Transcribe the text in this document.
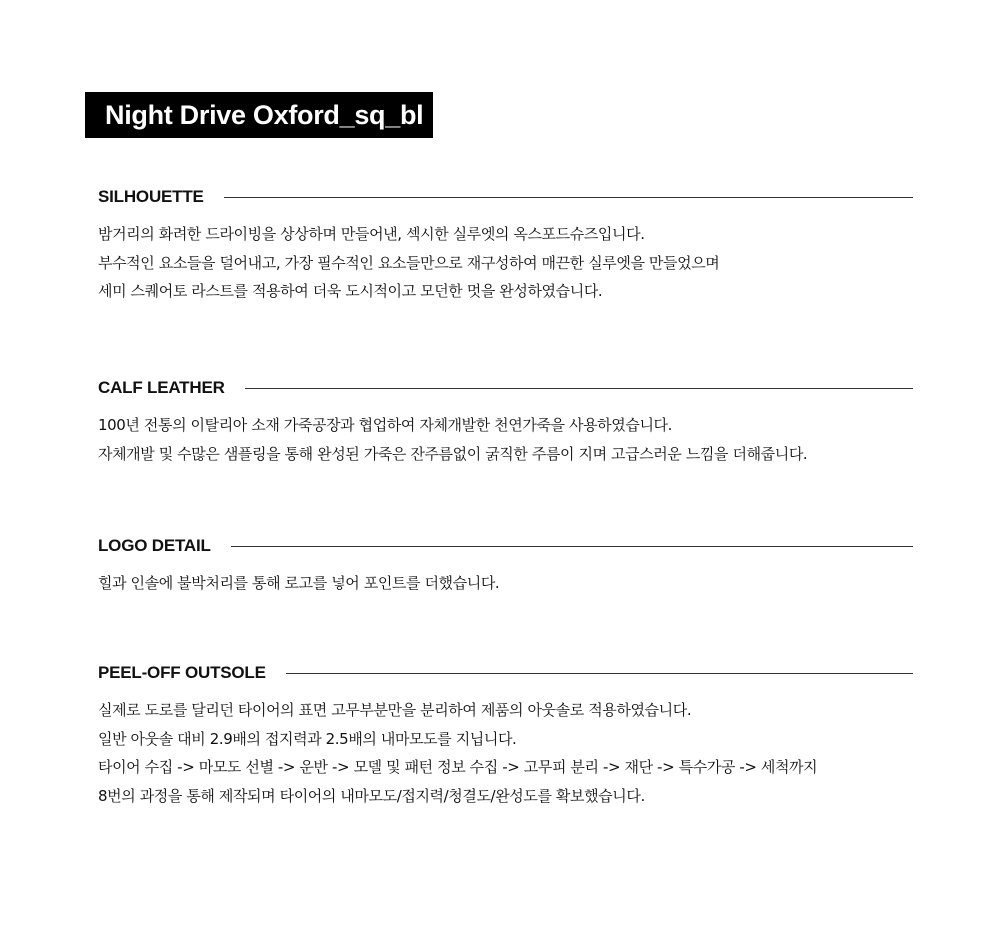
Night Drive Oxford_sq_bl
SILHOUETTE
밤거리의 화려한 드라이빙을 상상하며 만들어낸, 섹시한 실루엣의 옥스포드슈즈입니다.
부수적인 요소들을 덜어내고, 가장 필수적인 요소들만으로 재구성하여 매끈한 실루엣을 만들었으며
세미 스퀘어토 라스트를 적용하여 더욱 도시적이고 모던한 멋을 완성하였습니다.
CALF LEATHER
100년 전통의 이탈리아 소재 가죽공장과 협업하여 자체개발한 천연가죽을 사용하였습니다.
자체개발 및 수많은 샘플링을 통해 완성된 가죽은 잔주름없이 굵직한 주름이 지며 고급스러운 느낌을 더해줍니다.
LOGO DETAIL
힐과 인솔에 불박처리를 통해 로고를 넣어 포인트를 더했습니다.
PEEL-OFF OUTSOLE
실제로 도로를 달리던 타이어의 표면 고무부분만을 분리하여 제품의 아웃솔로 적용하였습니다.
일반 아웃솔 대비 2.9배의 접지력과 2.5배의 내마모도를 지닙니다.
타이어 수집 -> 마모도 선별 -> 운반 -> 모델 및 패턴 정보 수집 -> 고무피 분리 -> 재단 -> 특수가공 -> 세척까지
8번의 과정을 통해 제작되며 타이어의 내마모도/접지력/청결도/완성도를 확보했습니다.
